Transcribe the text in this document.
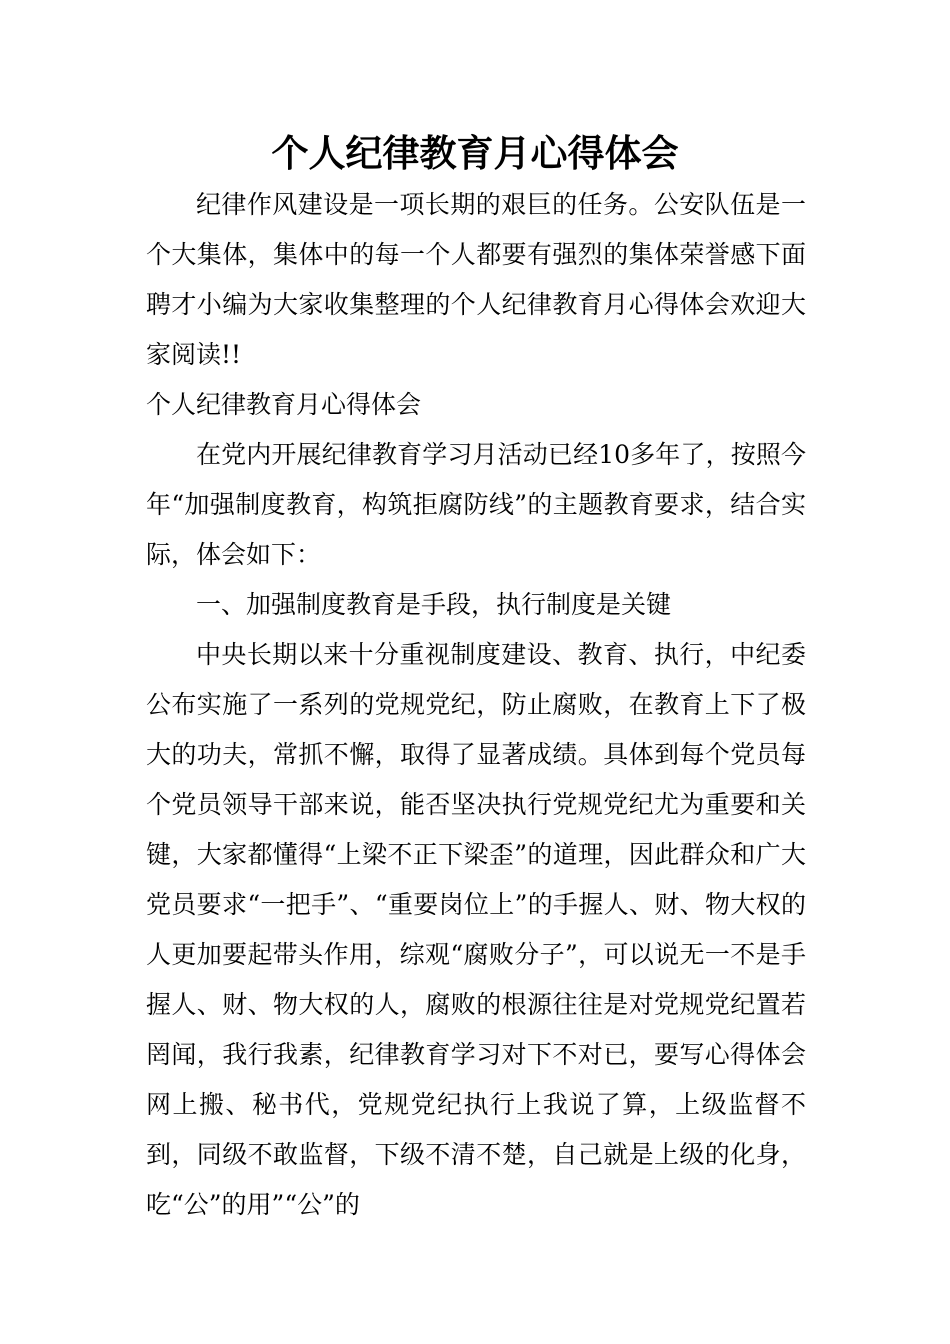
个人纪律教育月心得体会

纪律作风建设是一项长期的艰巨的任务。公安队伍是一个大集体，集体中的每一个人都要有强烈的集体荣誉感下面聘才小编为大家收集整理的个人纪律教育月心得体会欢迎大家阅读!!

个人纪律教育月心得体会

在党内开展纪律教育学习月活动已经10多年了，按照今年“加强制度教育，构筑拒腐防线”的主题教育要求，结合实际，体会如下：

一、加强制度教育是手段，执行制度是关键

中央长期以来十分重视制度建设、教育、执行，中纪委公布实施了一系列的党规党纪，防止腐败，在教育上下了极大的功夫，常抓不懈，取得了显著成绩。具体到每个党员每个党员领导干部来说，能否坚决执行党规党纪尤为重要和关键，大家都懂得“上梁不正下梁歪”的道理，因此群众和广大党员要求“一把手”、“重要岗位上”的手握人、财、物大权的人更加要起带头作用，综观“腐败分子”，可以说无一不是手握人、财、物大权的人，腐败的根源往往是对党规党纪置若罔闻，我行我素，纪律教育学习对下不对已，要写心得体会网上搬、秘书代，党规党纪执行上我说了算，上级监督不到，同级不敢监督，下级不清不楚，自己就是上级的化身，吃“公”的用”“公”的
